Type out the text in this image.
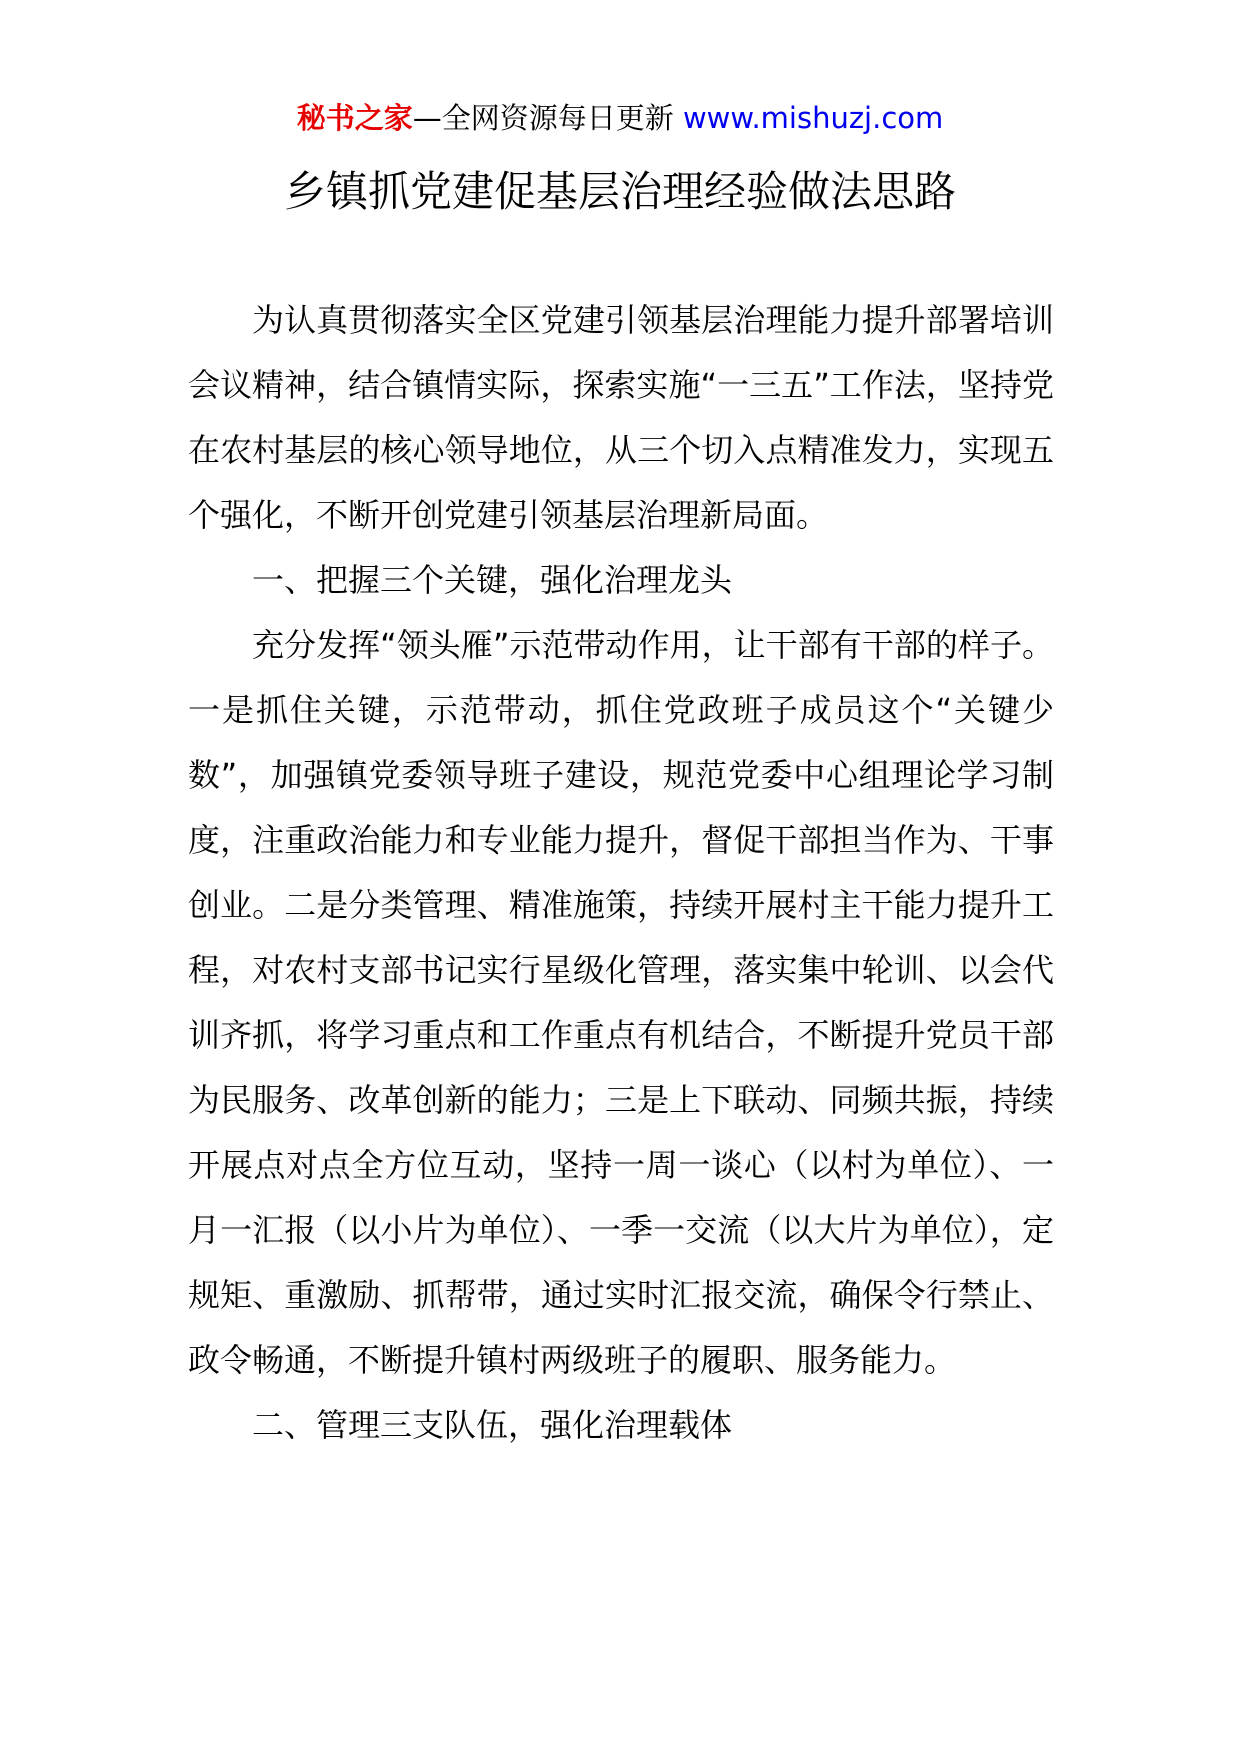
秘书之家—全网资源每日更新 www.mishuzj.com
乡镇抓党建促基层治理经验做法思路

为认真贯彻落实全区党建引领基层治理能力提升部署培训会议精神，结合镇情实际，探索实施“一三五”工作法，坚持党在农村基层的核心领导地位，从三个切入点精准发力，实现五个强化，不断开创党建引领基层治理新局面。

一、把握三个关键，强化治理龙头

充分发挥“领头雁”示范带动作用，让干部有干部的样子。一是抓住关键，示范带动，抓住党政班子成员这个“关键少数”，加强镇党委领导班子建设，规范党委中心组理论学习制度，注重政治能力和专业能力提升，督促干部担当作为、干事创业。二是分类管理、精准施策，持续开展村主干能力提升工程，对农村支部书记实行星级化管理，落实集中轮训、以会代训齐抓，将学习重点和工作重点有机结合，不断提升党员干部为民服务、改革创新的能力；三是上下联动、同频共振，持续开展点对点全方位互动，坚持一周一谈心（以村为单位）、一月一汇报（以小片为单位）、一季一交流（以大片为单位），定规矩、重激励、抓帮带，通过实时汇报交流，确保令行禁止、政令畅通，不断提升镇村两级班子的履职、服务能力。

二、管理三支队伍，强化治理载体
